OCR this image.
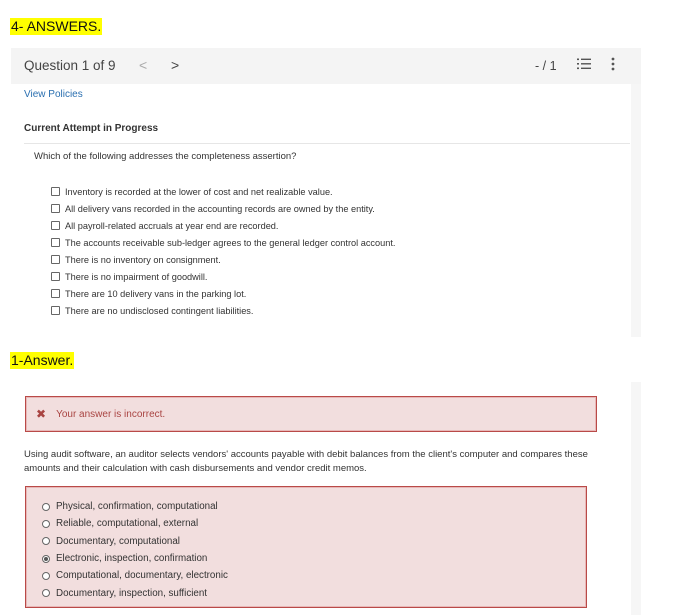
4- ANSWERS.
Question 1 of 9 < >	- / 1
View Policies
Current Attempt in Progress
Which of the following addresses the completeness assertion?
Inventory is recorded at the lower of cost and net realizable value.
All delivery vans recorded in the accounting records are owned by the entity.
All payroll-related accruals at year end are recorded.
The accounts receivable sub-ledger agrees to the general ledger control account.
There is no inventory on consignment.
There is no impairment of goodwill.
There are 10 delivery vans in the parking lot.
There are no undisclosed contingent liabilities.
1-Answer.
✖ Your answer is incorrect.
Using audit software, an auditor selects vendors' accounts payable with debit balances from the client's computer and compares these amounts and their calculation with cash disbursements and vendor credit memos.
Physical, confirmation, computational
Reliable, computational, external
Documentary, computational
Electronic, inspection, confirmation
Computational, documentary, electronic
Documentary, inspection, sufficient
